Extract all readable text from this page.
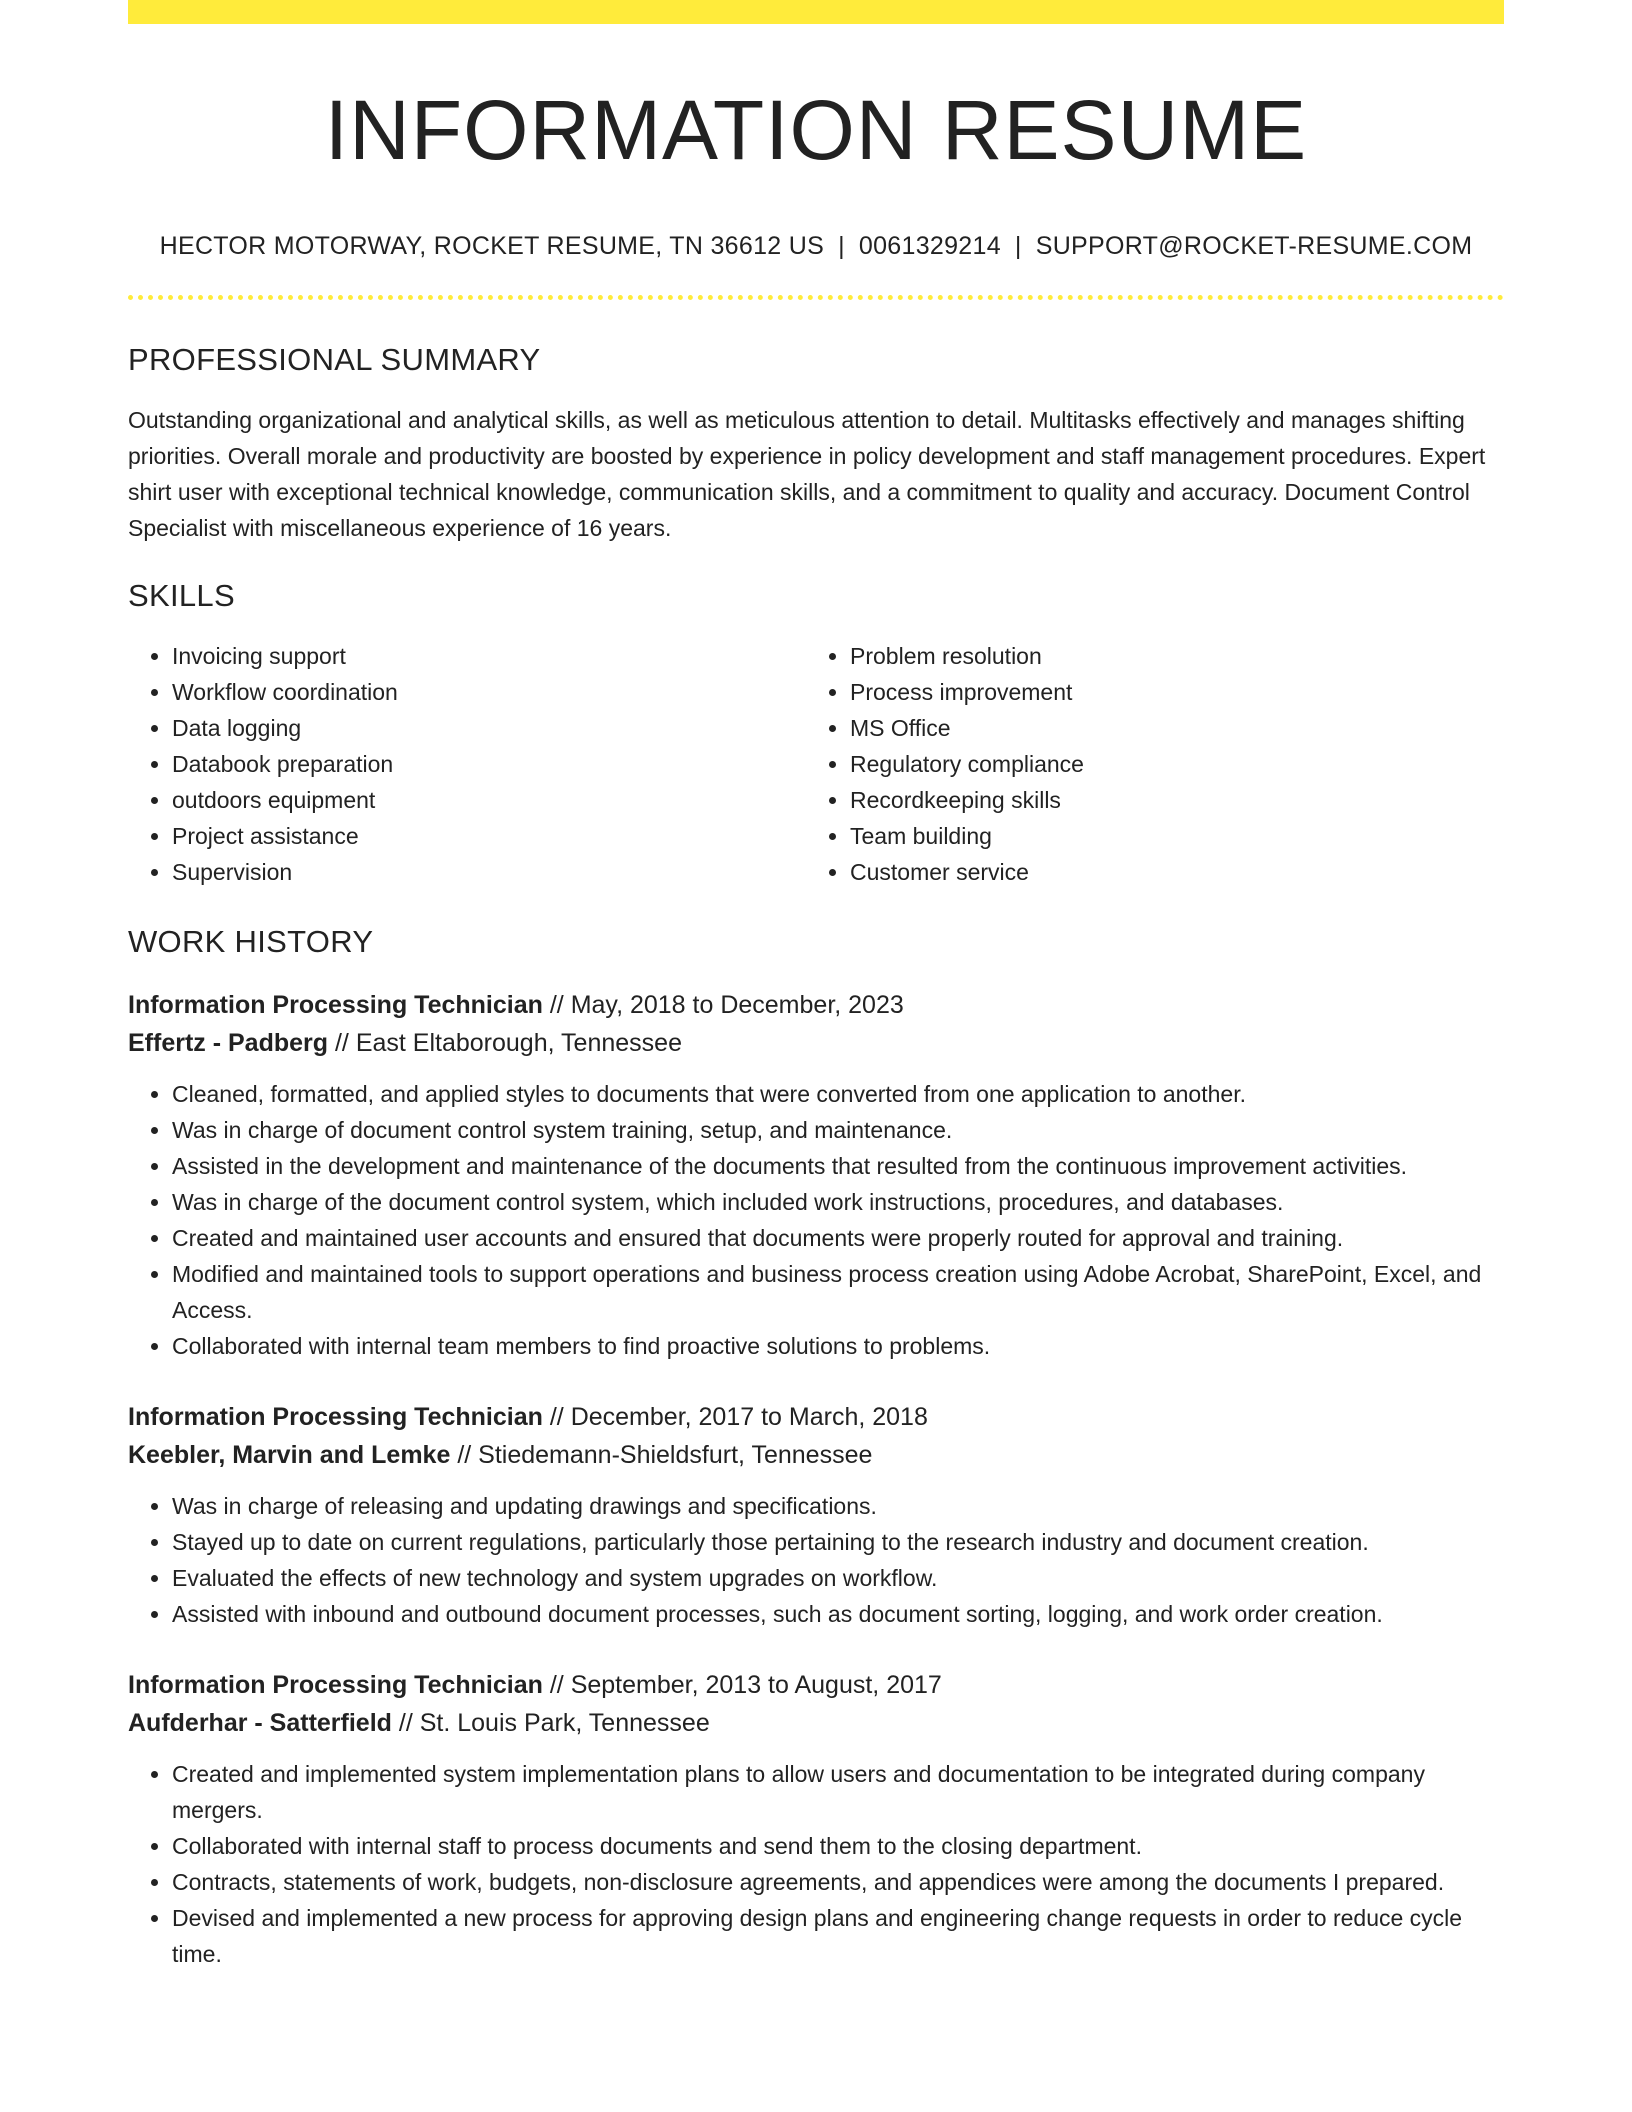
INFORMATION RESUME
HECTOR MOTORWAY, ROCKET RESUME, TN 36612 US | 0061329214 | SUPPORT@ROCKET-RESUME.COM
PROFESSIONAL SUMMARY

Outstanding organizational and analytical skills, as well as meticulous attention to detail. Multitasks effectively and manages shifting priorities. Overall morale and productivity are boosted by experience in policy development and staff management procedures. Expert shirt user with exceptional technical knowledge, communication skills, and a commitment to quality and accuracy. Document Control Specialist with miscellaneous experience of 16 years.

SKILLS
• Invoicing support
• Workflow coordination
• Data logging
• Databook preparation
• outdoors equipment
• Project assistance
• Supervision
• Problem resolution
• Process improvement
• MS Office
• Regulatory compliance
• Recordkeeping skills
• Team building
• Customer service
WORK HISTORY
Information Processing Technician // May, 2018 to December, 2023
Effertz - Padberg // East Eltaborough, Tennessee
• Cleaned, formatted, and applied styles to documents that were converted from one application to another.
• Was in charge of document control system training, setup, and maintenance.
• Assisted in the development and maintenance of the documents that resulted from the continuous improvement activities.
• Was in charge of the document control system, which included work instructions, procedures, and databases.
• Created and maintained user accounts and ensured that documents were properly routed for approval and training.
• Modified and maintained tools to support operations and business process creation using Adobe Acrobat, SharePoint, Excel, and Access.
• Collaborated with internal team members to find proactive solutions to problems.
Information Processing Technician // December, 2017 to March, 2018
Keebler, Marvin and Lemke // Stiedemann-Shieldsfurt, Tennessee
• Was in charge of releasing and updating drawings and specifications.
• Stayed up to date on current regulations, particularly those pertaining to the research industry and document creation.
• Evaluated the effects of new technology and system upgrades on workflow.
• Assisted with inbound and outbound document processes, such as document sorting, logging, and work order creation.
Information Processing Technician // September, 2013 to August, 2017
Aufderhar - Satterfield // St. Louis Park, Tennessee
• Created and implemented system implementation plans to allow users and documentation to be integrated during company mergers.
• Collaborated with internal staff to process documents and send them to the closing department.
• Contracts, statements of work, budgets, non-disclosure agreements, and appendices were among the documents I prepared.
• Devised and implemented a new process for approving design plans and engineering change requests in order to reduce cycle time.
